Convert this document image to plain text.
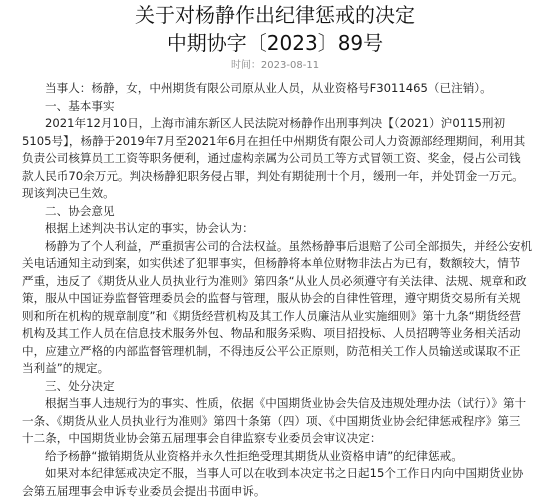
关于对杨静作出纪律惩戒的决定
中期协字〔2023〕89号
时间：2023-08-11

当事人：杨静，女，中州期货有限公司原从业人员，从业资格号F3011465（已注销）。

一、基本事实

2021年12月10日，上海市浦东新区人民法院对杨静作出刑事判决【（2021）沪0115刑初5105号】，杨静于2019年7月至2021年6月在担任中州期货有限公司人力资源部经理期间，利用其负责公司核算员工工资等职务便利，通过虚构亲属为公司员工等方式冒领工资、奖金，侵占公司钱款人民币70余万元。判决杨静犯职务侵占罪，判处有期徒刑十个月，缓刑一年，并处罚金一万元。现该判决已生效。

二、协会意见

根据上述判决书认定的事实，协会认为：

杨静为了个人利益，严重损害公司的合法权益。虽然杨静事后退赔了公司全部损失，并经公安机关电话通知主动到案，如实供述了犯罪事实，但杨静将本单位财物非法占为已有，数额较大，情节严重，违反了《期货从业人员执业行为准则》第四条“从业人员必须遵守有关法律、法规、规章和政策，服从中国证券监督管理委员会的监督与管理，服从协会的自律性管理，遵守期货交易所有关规则和所在机构的规章制度”和《期货经营机构及其工作人员廉洁从业实施细则》第十九条“期货经营机构及其工作人员在信息技术服务外包、物品和服务采购、项目招投标、人员招聘等业务相关活动中，应建立严格的内部监督管理机制，不得违反公平公正原则，防范相关工作人员输送或谋取不正当利益”的规定。

三、处分决定

根据当事人违规行为的事实、性质，依据《中国期货业协会失信及违规处理办法（试行）》第十一条、《期货从业人员执业行为准则》第四十条第（四）项、《中国期货业协会纪律惩戒程序》第三十二条，中国期货业协会第五届理事会自律监察专业委员会审议决定：

给予杨静“撤销期货从业资格并永久性拒绝受理其期货从业资格申请”的纪律惩戒。

如果对本纪律惩戒决定不服，当事人可以在收到本决定书之日起15个工作日内向中国期货业协会第五届理事会申诉专业委员会提出书面申诉。
